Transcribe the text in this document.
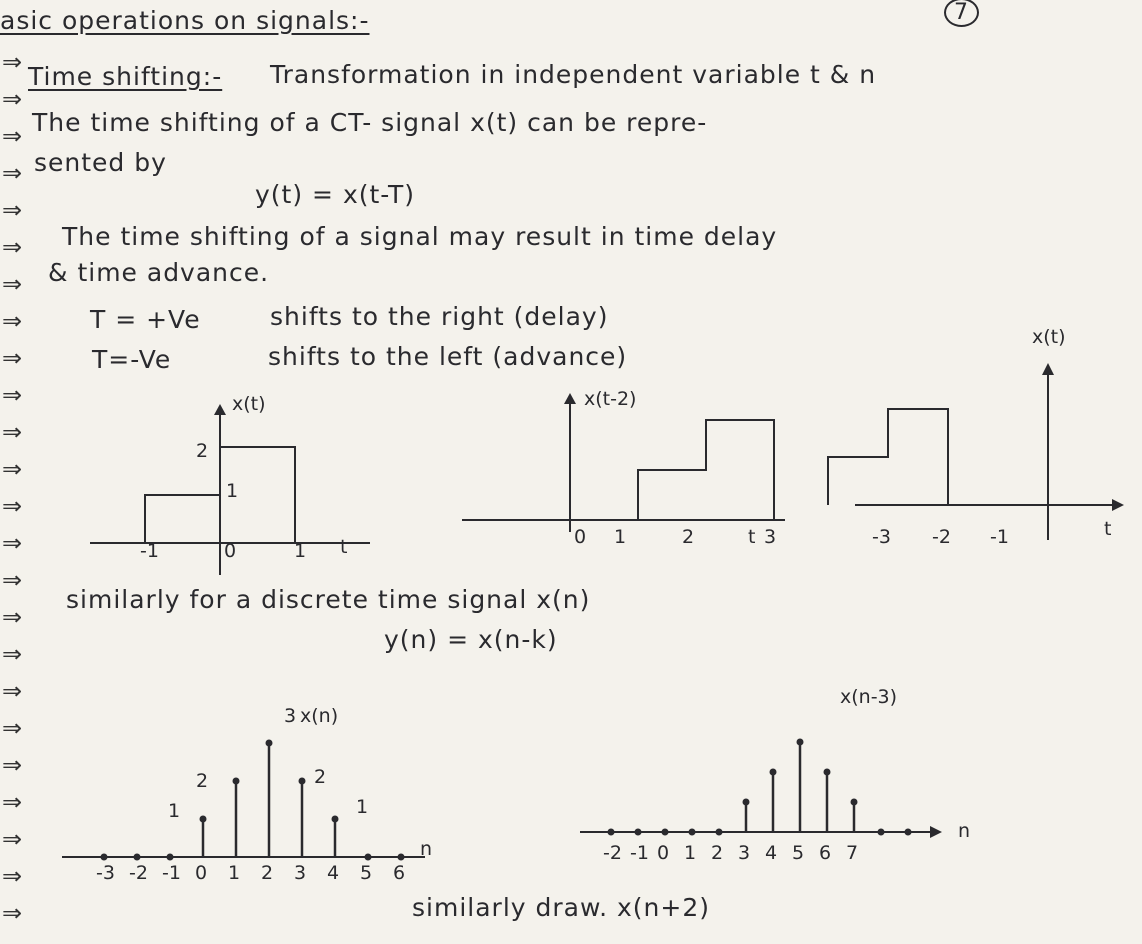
⇒
⇒
⇒
⇒
⇒
⇒
⇒
⇒
⇒
⇒
⇒
⇒
⇒
⇒
⇒
⇒
⇒
⇒
⇒
⇒
⇒
⇒
⇒
⇒
7
asic operations on signals:-
Time shifting:- Transformation in independent variable t & n
The time shifting of a CT- signal x(t) can be repre-
sented by
y(t) = x(t-T)
The time shifting of a signal may result in time delay
& time advance.
T = +Ve	shifts to the right (delay)
T=-Ve	shifts to the left (advance)
similarly for a discrete time signal x(n)
y(n) = x(n-k)
similarly draw. x(n+2)
x(t)
t
-1	0	1
1
2
x(t-2)
t
0 1	2	3
x(t)
t
-3 -2 -1
x(n)
3
2
1
2
1
n
-3 -2 -1 0 1 2 3 4 5 6
x(n-3)
n
-2 -1 0 1 2 3 4 5 6 7
